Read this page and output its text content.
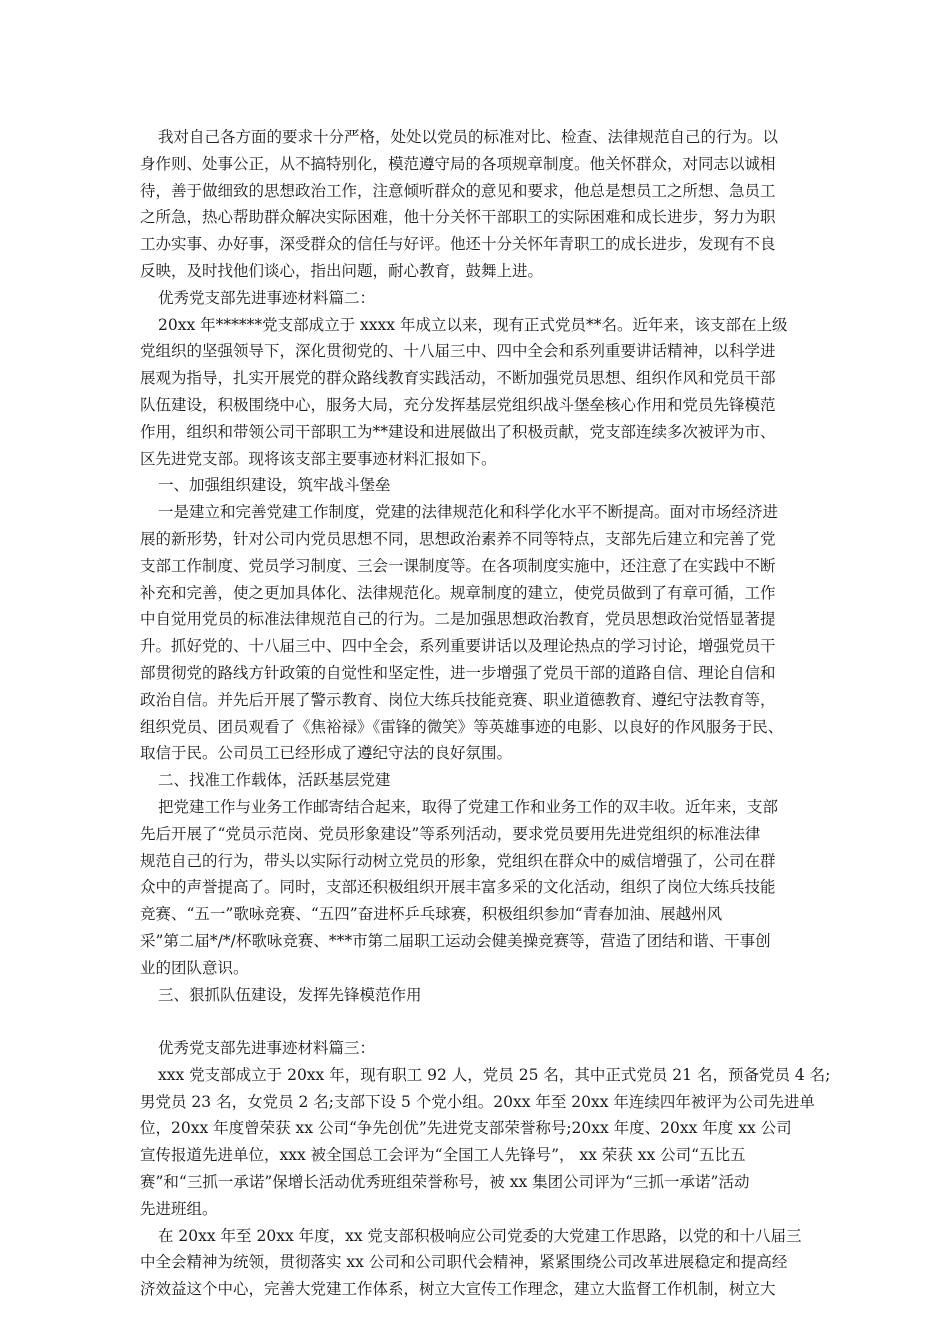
我对自己各方面的要求十分严格，处处以党员的标准对比、检查、法律规范自己的行为。以
身作则、处事公正，从不搞特别化，模范遵守局的各项规章制度。他关怀群众，对同志以诚相
待，善于做细致的思想政治工作，注意倾听群众的意见和要求，他总是想员工之所想、急员工
之所急，热心帮助群众解决实际困难，他十分关怀干部职工的实际困难和成长进步，努力为职
工办实事、办好事，深受群众的信任与好评。他还十分关怀年青职工的成长进步，发现有不良
反映，及时找他们谈心，指出问题，耐心教育，鼓舞上进。
优秀党支部先进事迹材料篇二：
20xx 年******党支部成立于 xxxx 年成立以来，现有正式党员**名。近年来，该支部在上级
党组织的坚强领导下，深化贯彻党的、十八届三中、四中全会和系列重要讲话精神，以科学进
展观为指导，扎实开展党的群众路线教育实践活动，不断加强党员思想、组织作风和党员干部
队伍建设，积极围绕中心，服务大局，充分发挥基层党组织战斗堡垒核心作用和党员先锋模范
作用，组织和带领公司干部职工为**建设和进展做出了积极贡献，党支部连续多次被评为市、
区先进党支部。现将该支部主要事迹材料汇报如下。
一、加强组织建设，筑牢战斗堡垒
一是建立和完善党建工作制度，党建的法律规范化和科学化水平不断提高。面对市场经济进
展的新形势，针对公司内党员思想不同，思想政治素养不同等特点，支部先后建立和完善了党
支部工作制度、党员学习制度、三会一课制度等。在各项制度实施中，还注意了在实践中不断
补充和完善，使之更加具体化、法律规范化。规章制度的建立，使党员做到了有章可循，工作
中自觉用党员的标准法律规范自己的行为。二是加强思想政治教育，党员思想政治觉悟显著提
升。抓好党的、十八届三中、四中全会，系列重要讲话以及理论热点的学习讨论，增强党员干
部贯彻党的路线方针政策的自觉性和坚定性，进一步增强了党员干部的道路自信、理论自信和
政治自信。并先后开展了警示教育、岗位大练兵技能竞赛、职业道德教育、遵纪守法教育等，
组织党员、团员观看了《焦裕禄》《雷锋的微笑》等英雄事迹的电影、以良好的作风服务于民、
取信于民。公司员工已经形成了遵纪守法的良好氛围。
二、找准工作载体，活跃基层党建
把党建工作与业务工作邮寄结合起来，取得了党建工作和业务工作的双丰收。近年来，支部
先后开展了“党员示范岗、党员形象建设”等系列活动，要求党员要用先进党组织的标准法律
规范自己的行为，带头以实际行动树立党员的形象，党组织在群众中的威信增强了，公司在群
众中的声誉提高了。同时，支部还积极组织开展丰富多采的文化活动，组织了岗位大练兵技能
竞赛、“五一”歌咏竞赛、“五四”奋进杯乒乓球赛，积极组织参加“青春加油、展越州风
采”第二届*/*/杯歌咏竞赛、***市第二届职工运动会健美操竞赛等，营造了团结和谐、干事创
业的团队意识。
三、狠抓队伍建设，发挥先锋模范作用
优秀党支部先进事迹材料篇三：
xxx 党支部成立于 20xx 年，现有职工 92 人，党员 25 名，其中正式党员 21 名，预备党员 4 名;
男党员 23 名，女党员 2 名;支部下设 5 个党小组。20xx 年至 20xx 年连续四年被评为公司先进单
位，20xx 年度曾荣获 xx 公司“争先创优”先进党支部荣誉称号;20xx 年度、20xx 年度 xx 公司
宣传报道先进单位，xxx 被全国总工会评为“全国工人先锋号”， xx 荣获 xx 公司“五比五
赛”和“三抓一承诺”保增长活动优秀班组荣誉称号，被 xx 集团公司评为“三抓一承诺”活动
先进班组。
在 20xx 年至 20xx 年度，xx 党支部积极响应公司党委的大党建工作思路，以党的和十八届三
中全会精神为统领，贯彻落实 xx 公司和公司职代会精神，紧紧围绕公司改革进展稳定和提高经
济效益这个中心，完善大党建工作体系，树立大宣传工作理念，建立大监督工作机制，树立大
